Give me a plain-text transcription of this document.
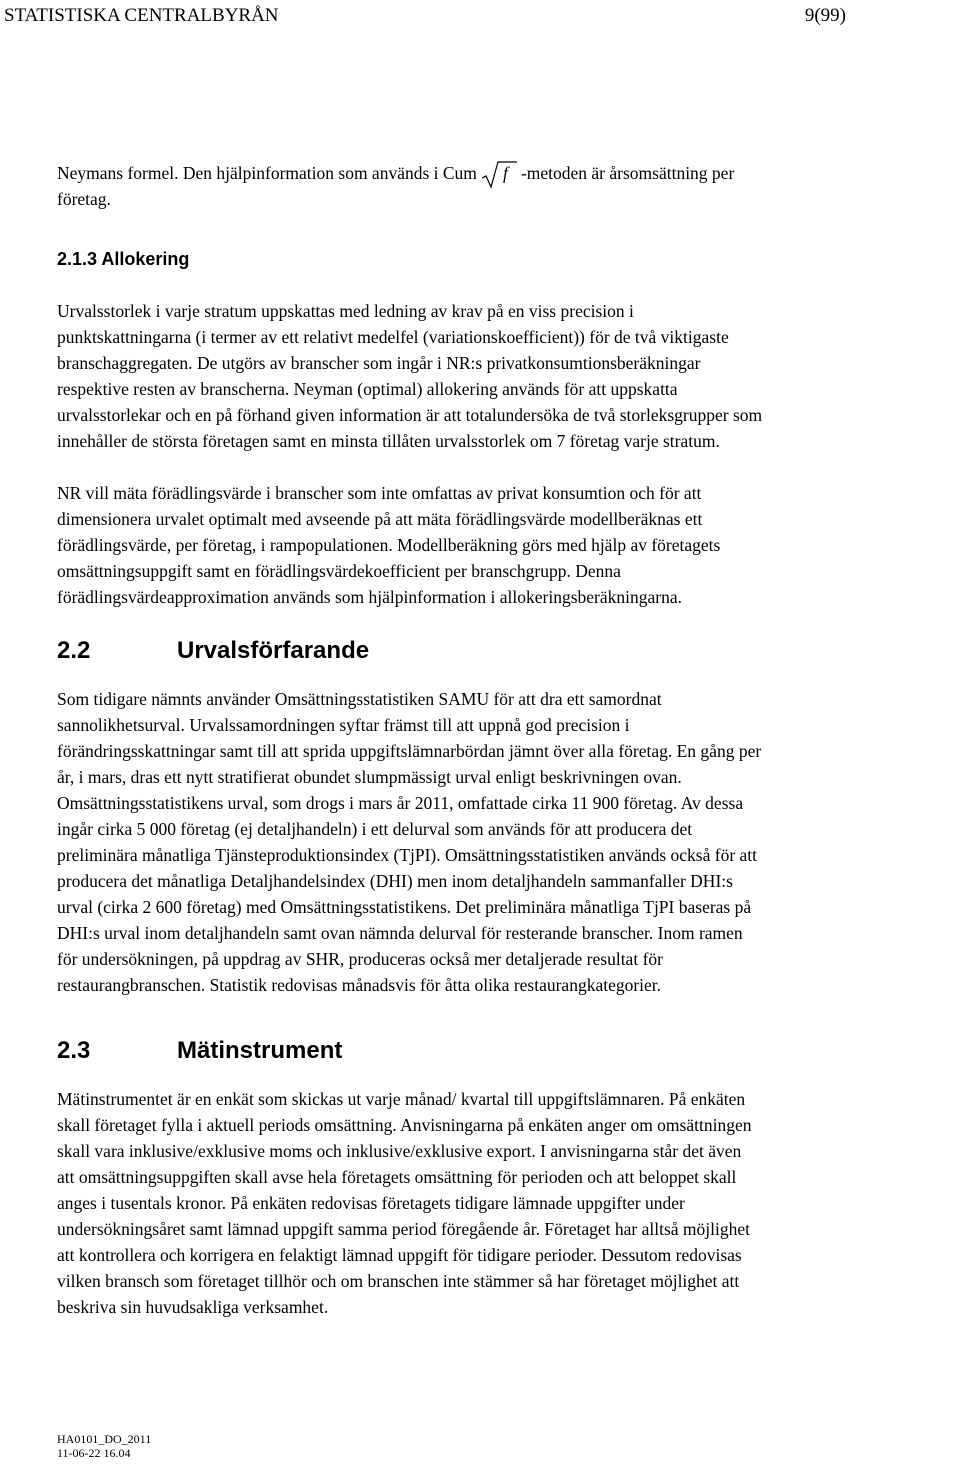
STATISTISKA CENTRALBYRÅN	9(99)
Neymans formel. Den hjälpinformation som används i Cum f -metoden är årsomsättning per
företag.
2.1.3 Allokering
Urvalsstorlek i varje stratum uppskattas med ledning av krav på en viss precision i
punktskattningarna (i termer av ett relativt medelfel (variationskoefficient)) för de två viktigaste
branschaggregaten. De utgörs av branscher som ingår i NR:s privatkonsumtionsberäkningar
respektive resten av branscherna. Neyman (optimal) allokering används för att uppskatta
urvalsstorlekar och en på förhand given information är att totalundersöka de två storleksgrupper som
innehåller de största företagen samt en minsta tillåten urvalsstorlek om 7 företag varje stratum.
NR vill mäta förädlingsvärde i branscher som inte omfattas av privat konsumtion och för att
dimensionera urvalet optimalt med avseende på att mäta förädlingsvärde modellberäknas ett
förädlingsvärde, per företag, i rampopulationen. Modellberäkning görs med hjälp av företagets
omsättningsuppgift samt en förädlingsvärdekoefficient per branschgrupp. Denna
förädlingsvärdeapproximation används som hjälpinformation i allokeringsberäkningarna.
2.2	Urvalsförfarande
Som tidigare nämnts använder Omsättningsstatistiken SAMU för att dra ett samordnat
sannolikhetsurval. Urvalssamordningen syftar främst till att uppnå god precision i
förändringsskattningar samt till att sprida uppgiftslämnarbördan jämnt över alla företag. En gång per
år, i mars, dras ett nytt stratifierat obundet slumpmässigt urval enligt beskrivningen ovan.
Omsättningsstatistikens urval, som drogs i mars år 2011, omfattade cirka 11 900 företag. Av dessa
ingår cirka 5 000 företag (ej detaljhandeln) i ett delurval som används för att producera det
preliminära månatliga Tjänsteproduktionsindex (TjPI). Omsättningsstatistiken används också för att
producera det månatliga Detaljhandelsindex (DHI) men inom detaljhandeln sammanfaller DHI:s
urval (cirka 2 600 företag) med Omsättningsstatistikens. Det preliminära månatliga TjPI baseras på
DHI:s urval inom detaljhandeln samt ovan nämnda delurval för resterande branscher. Inom ramen
för undersökningen, på uppdrag av SHR, produceras också mer detaljerade resultat för
restaurangbranschen. Statistik redovisas månadsvis för åtta olika restaurangkategorier.
2.3	Mätinstrument
Mätinstrumentet är en enkät som skickas ut varje månad/ kvartal till uppgiftslämnaren. På enkäten
skall företaget fylla i aktuell periods omsättning. Anvisningarna på enkäten anger om omsättningen
skall vara inklusive/exklusive moms och inklusive/exklusive export. I anvisningarna står det även
att omsättningsuppgiften skall avse hela företagets omsättning för perioden och att beloppet skall
anges i tusentals kronor. På enkäten redovisas företagets tidigare lämnade uppgifter under
undersökningsåret samt lämnad uppgift samma period föregående år. Företaget har alltså möjlighet
att kontrollera och korrigera en felaktigt lämnad uppgift för tidigare perioder. Dessutom redovisas
vilken bransch som företaget tillhör och om branschen inte stämmer så har företaget möjlighet att
beskriva sin huvudsakliga verksamhet.
HA0101_DO_2011
11-06-22 16.04
